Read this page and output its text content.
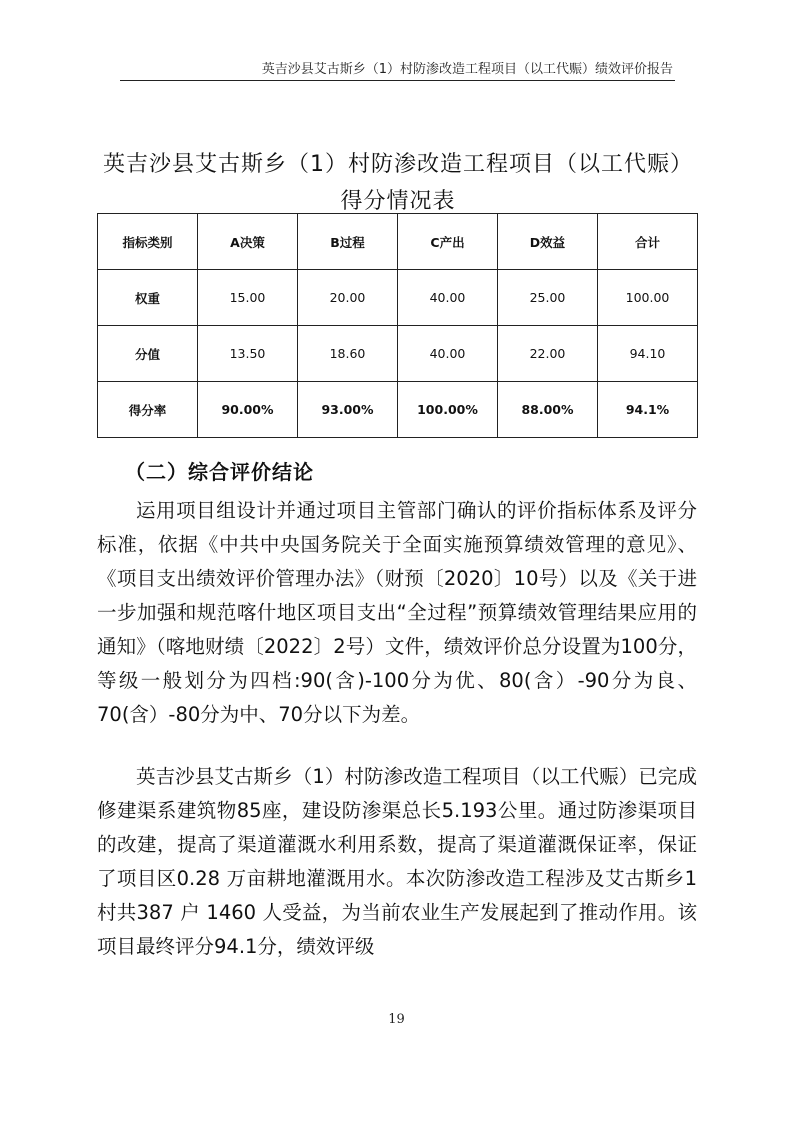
英吉沙县艾古斯乡（1）村防渗改造工程项目（以工代赈）绩效评价报告
英吉沙县艾古斯乡（1）村防渗改造工程项目（以工代赈）得分情况表
指标类别	A决策	B过程	C产出	D效益	合计
权重	15.00	20.00	40.00	25.00	100.00
分值	13.50	18.60	40.00	22.00	94.10
得分率	90.00%	93.00%	100.00%	88.00%	94.1%
（二）综合评价结论

运用项目组设计并通过项目主管部门确认的评价指标体系及评分标准，依据《中共中央国务院关于全面实施预算绩效管理的意见》、《项目支出绩效评价管理办法》（财预〔2020〕10号）以及《关于进一步加强和规范喀什地区项目支出“全过程”预算绩效管理结果应用的通知》（喀地财绩〔2022〕2号）文件，绩效评价总分设置为100分，等级一般划分为四档:90(含)-100分为优、80(含）-90分为良、70(含）-80分为中、70分以下为差。

英吉沙县艾古斯乡（1）村防渗改造工程项目（以工代赈）已完成修建渠系建筑物85座，建设防渗渠总长5.193公里。通过防渗渠项目的改建，提高了渠道灌溉水利用系数，提高了渠道灌溉保证率，保证了项目区0.28 万亩耕地灌溉用水。本次防渗改造工程涉及艾古斯乡1村共387 户 1460 人受益，为当前农业生产发展起到了推动作用。该项目最终评分94.1分，绩效评级

19
